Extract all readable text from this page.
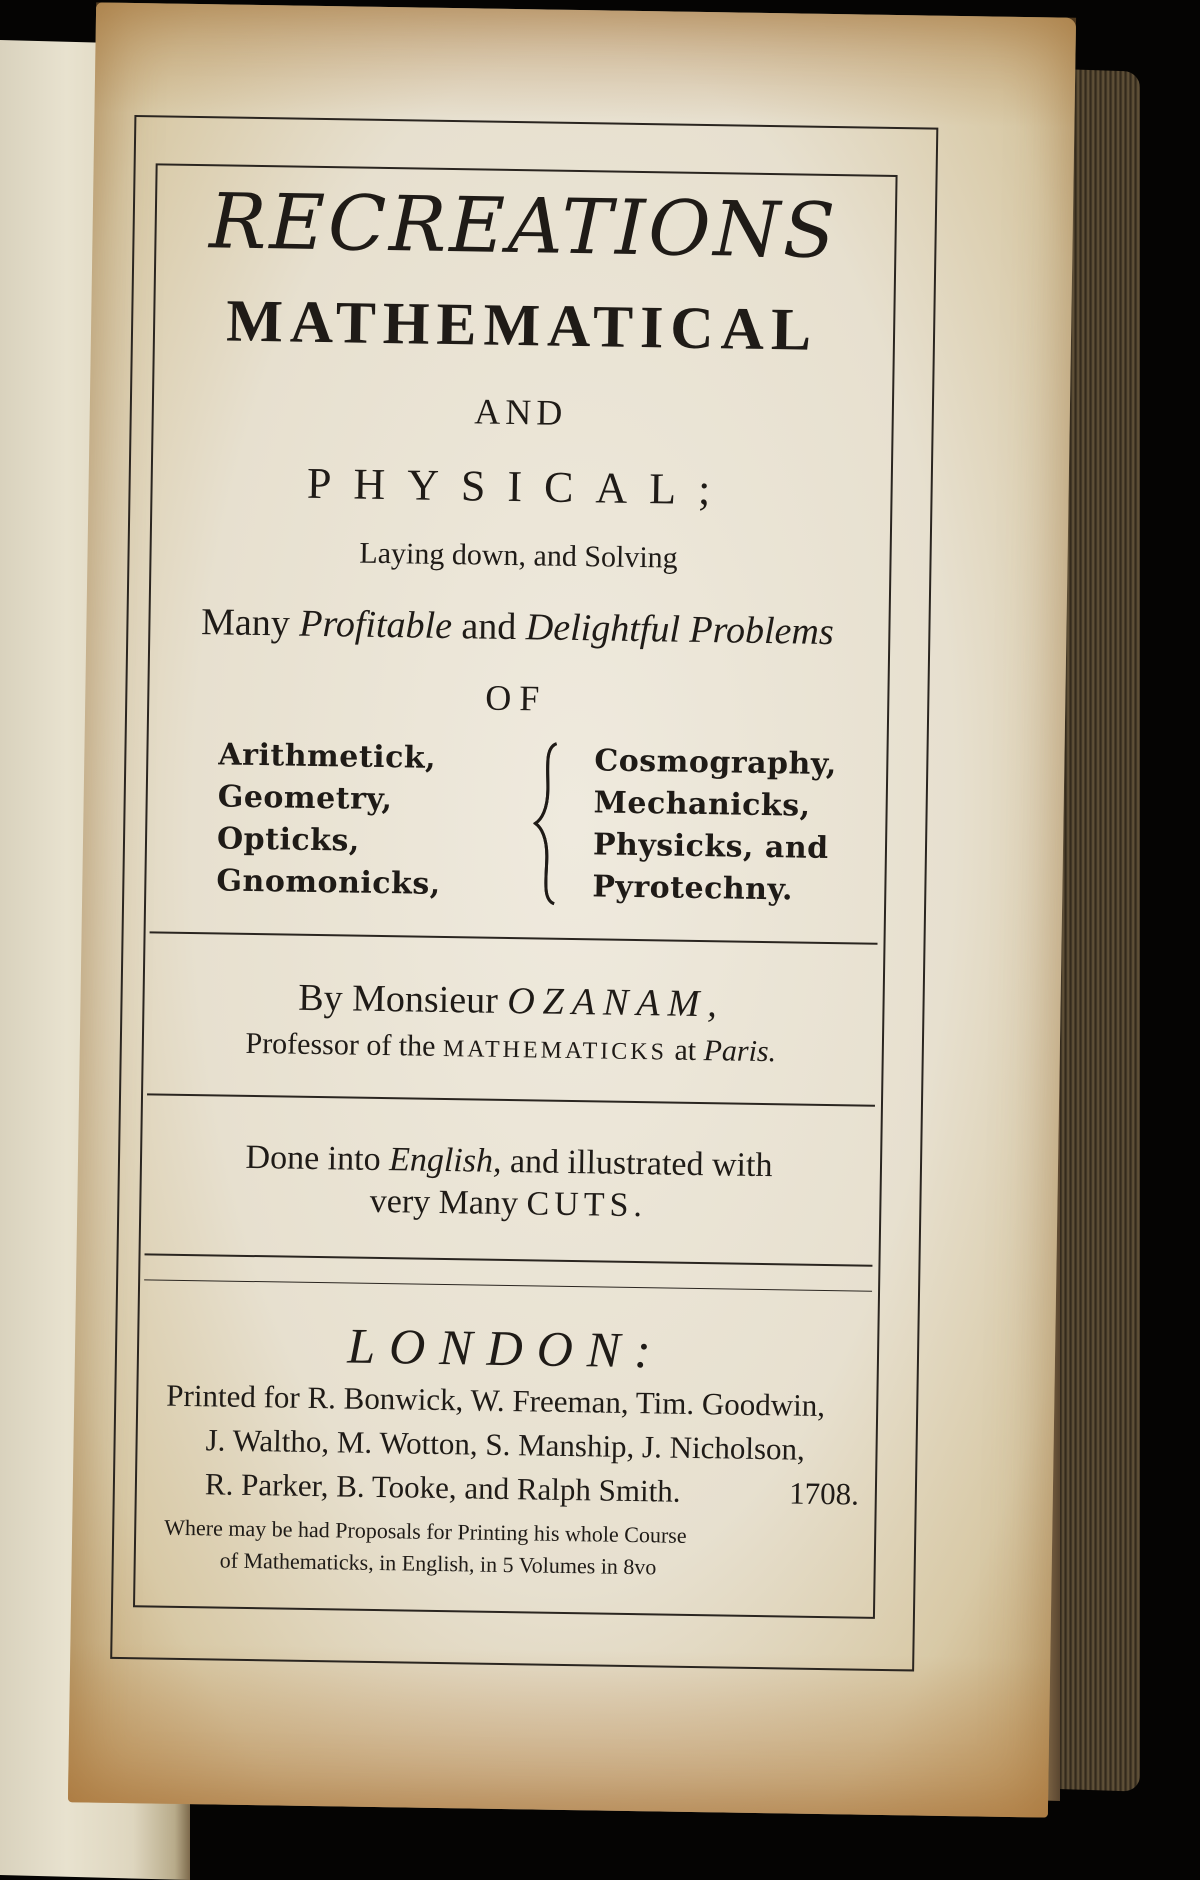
RECREATIONS
MATHEMATICAL
AND
PHYSICAL;
Laying down, and Solving
Many Profitable and Delightful Problems
OF
Arithmetick,
Geometry,
Opticks,
Gnomonicks,
Cosmography,
Mechanicks,
Physicks, and
Pyrotechny.
By Monsieur OZANAM,
Professor of the MATHEMATICKS at Paris.
Done into English, and illustrated with
very Many CUTS.
LONDON:
Printed for R. Bonwick, W. Freeman, Tim. Goodwin,
J. Waltho, M. Wotton, S. Manship, J. Nicholson,
R. Parker, B. Tooke, and Ralph Smith.	1708.
Where may be had Proposals for Printing his whole Course
of Mathematicks, in English, in 5 Volumes in 8vo
